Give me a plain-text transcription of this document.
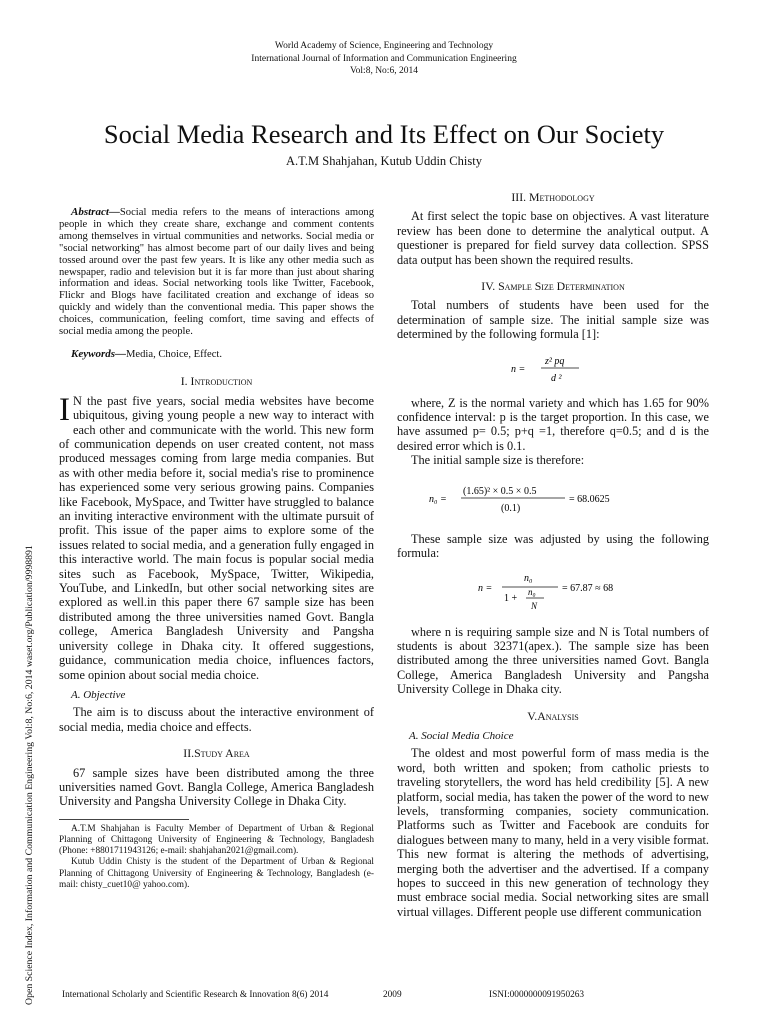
World Academy of Science, Engineering and Technology
International Journal of Information and Communication Engineering
Vol:8, No:6, 2014
Social Media Research and Its Effect on Our Society
A.T.M Shahjahan, Kutub Uddin Chisty
Open Science Index, Information and Communication Engineering Vol:8, No:6, 2014 waset.org/Publication/9998891

Abstract—Social media refers to the means of interactions among people in which they create share, exchange and comment contents among themselves in virtual communities and networks. Social media or "social networking" has almost become part of our daily lives and being tossed around over the past few years. It is like any other media such as newspaper, radio and television but it is far more than just about sharing information and ideas. Social networking tools like Twitter, Facebook, Flickr and Blogs have facilitated creation and exchange of ideas so quickly and widely than the conventional media. This paper shows the choices, communication, feeling comfort, time saving and effects of social media among the people.

Keywords—Media, Choice, Effect.

I. Introduction

I N the past five years, social media websites have become ubiquitous, giving young people a new way to interact with each other and communicate with the world. This new form of communication depends on user created content, not mass produced messages coming from large media companies. But as with other media before it, social media's rise to prominence has experienced some very serious growing pains. Companies like Facebook, MySpace, and Twitter have struggled to balance an inviting interactive environment with the ultimate pursuit of profit. This issue of the paper aims to explore some of the issues related to social media, and a generation fully engaged in this interactive world. The main focus is popular social media sites such as Facebook, MySpace, Twitter, Wikipedia, YouTube, and LinkedIn, but other social networking sites are explored as well.in this paper there 67 sample size has been distributed among the three universities named Govt. Bangla college, America Bangladesh University and Pangsha university college in Dhaka city. It offered suggestions, guidance, communication media choice, influences factors, some opinion about social media choice.

A. Objective

The aim is to discuss about the interactive environment of social media, media choice and effects.

II.Study Area

67 sample sizes have been distributed among the three universities named Govt. Bangla College, America Bangladesh University and Pangsha University College in Dhaka City.

A.T.M Shahjahan is Faculty Member of Department of Urban & Regional Planning of Chittagong University of Engineering & Technology, Bangladesh (Phone: +8801711943126; e-mail: shahjahan2021@gmail.com).

Kutub Uddin Chisty is the student of the Department of Urban & Regional Planning of Chittagong University of Engineering & Technology, Bangladesh (e-mail: chisty_cuet10@ yahoo.com).

III. Methodology

At first select the topic base on objectives. A vast literature review has been done to determine the analytical output. A questioner is prepared for field survey data collection. SPSS data output has been shown the required results.

IV. Sample Size Determination

Total numbers of students have been used for the determination of sample size. The initial sample size was determined by the following formula [1]:

n =
z² pq
d ²

where, Z is the normal variety and which has 1.65 for 90% confidence interval: p is the target proportion. In this case, we have assumed p= 0.5; p+q =1, therefore q=0.5; and d is the desired error which is 0.1.

The initial sample size is therefore:

n₀ =
(1.65)² × 0.5 × 0.5
(0.1)
= 68.0625

These sample size was adjusted by using the following formula:

n =
n₀
1 +
n₀
N
= 67.87 ≈ 68

where n is requiring sample size and N is Total numbers of students is about 32371(apex.). The sample size has been distributed among the three universities named Govt. Bangla College, America Bangladesh University and Pangsha University College in Dhaka city.

V.Analysis
A. Social Media Choice

The oldest and most powerful form of mass media is the word, both written and spoken; from catholic priests to traveling storytellers, the word has held credibility [5]. A new platform, social media, has taken the power of the word to new levels, transforming companies, society communication. Platforms such as Twitter and Facebook are conduits for dialogues between many to many, held in a very visible format. This new format is altering the methods of advertising, merging both the advertiser and the advertised. If a company hopes to succeed in this new generation of technology they must embrace social media. Social networking sites are small virtual villages. Different people use different communication

International Scholarly and Scientific Research & Innovation 8(6) 2014	2009	ISNI:0000000091950263
